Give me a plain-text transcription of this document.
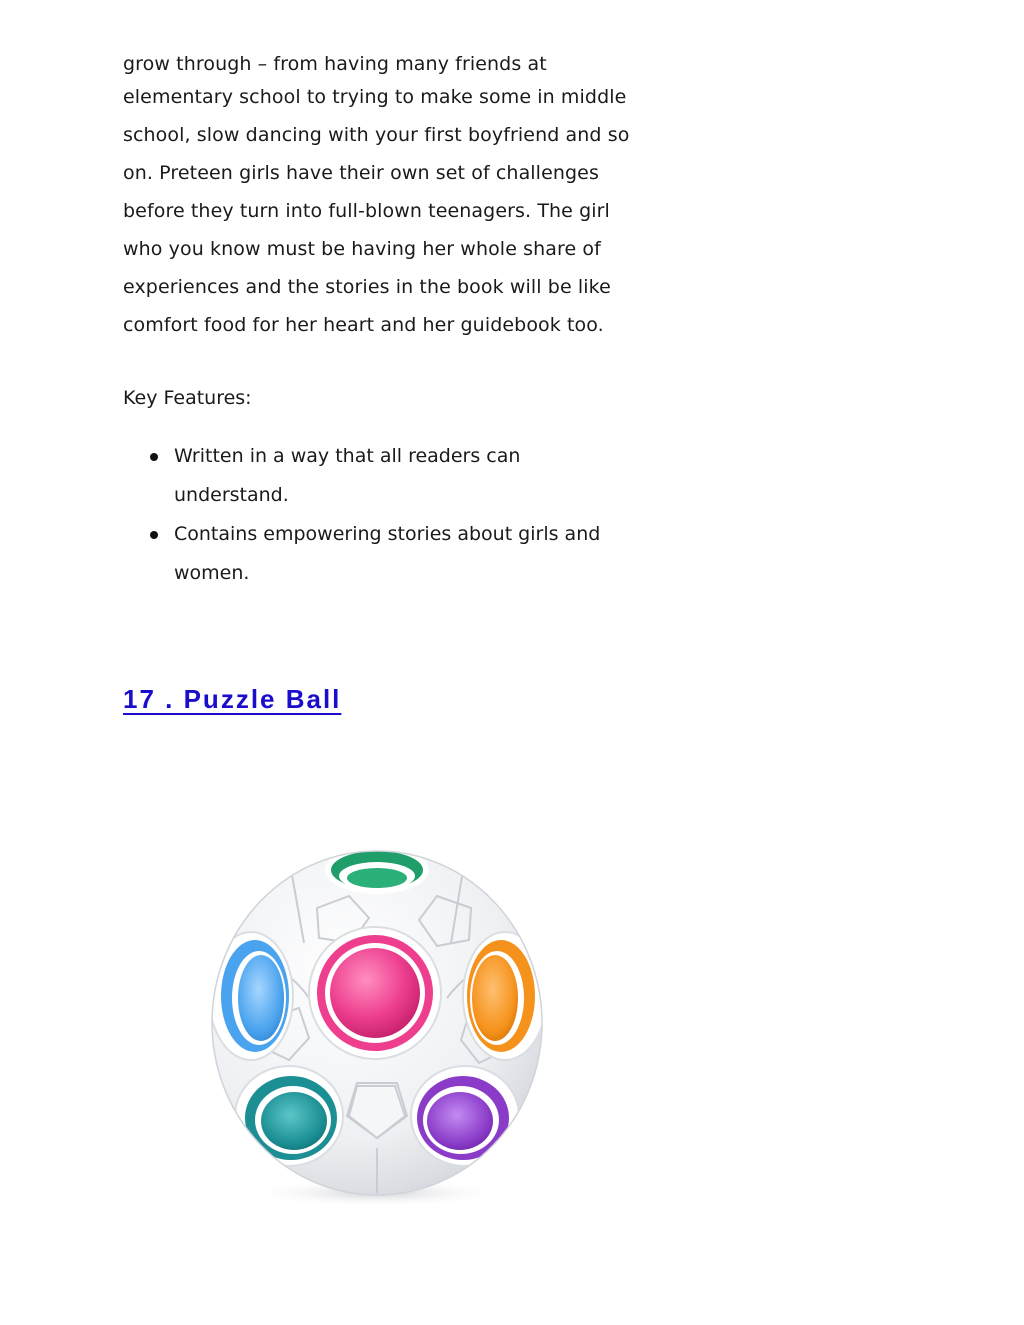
grow through – from having many friends at
elementary school to trying to make some in middle
school, slow dancing with your first boyfriend and so
on. Preteen girls have their own set of challenges
before they turn into full-blown teenagers. The girl
who you know must be having her whole share of
experiences and the stories in the book will be like
comfort food for her heart and her guidebook too.
Key Features:
Written in a way that all readers can
understand.
Contains empowering stories about girls and
women.
17 . Puzzle Ball
